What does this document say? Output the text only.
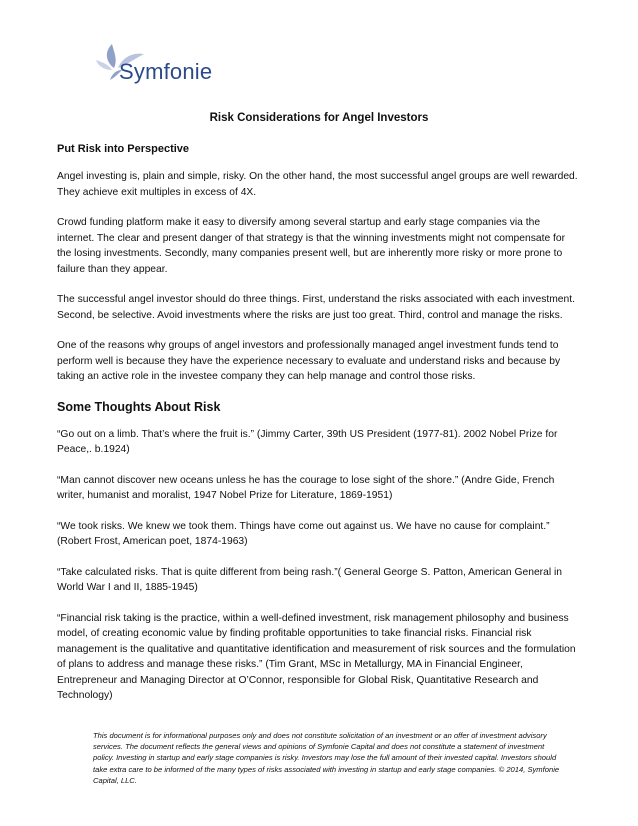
Symfonie
Risk Considerations for Angel Investors
Put Risk into Perspective

Angel investing is, plain and simple, risky. On the other hand, the most successful angel groups are well rewarded. They achieve exit multiples in excess of 4X.

Crowd funding platform make it easy to diversify among several startup and early stage companies via the internet. The clear and present danger of that strategy is that the winning investments might not compensate for the losing investments. Secondly, many companies present well, but are inherently more risky or more prone to failure than they appear.

The successful angel investor should do three things. First, understand the risks associated with each investment. Second, be selective. Avoid investments where the risks are just too great. Third, control and manage the risks.

One of the reasons why groups of angel investors and professionally managed angel investment funds tend to perform well is because they have the experience necessary to evaluate and understand risks and because by taking an active role in the investee company they can help manage and control those risks.

Some Thoughts About Risk

“Go out on a limb. That’s where the fruit is.” (Jimmy Carter, 39th US President (1977-81). 2002 Nobel Prize for Peace,. b.1924)

“Man cannot discover new oceans unless he has the courage to lose sight of the shore.” (Andre Gide, French writer, humanist and moralist, 1947 Nobel Prize for Literature, 1869-1951)

“We took risks. We knew we took them. Things have come out against us. We have no cause for complaint.” (Robert Frost, American poet, 1874-1963)

“Take calculated risks. That is quite different from being rash.”( General George S. Patton, American General in World War I and II, 1885-1945)

“Financial risk taking is the practice, within a well-defined investment, risk management philosophy and business model, of creating economic value by finding profitable opportunities to take financial risks. Financial risk management is the qualitative and quantitative identification and measurement of risk sources and the formulation of plans to address and manage these risks.” (Tim Grant, MSc in Metallurgy, MA in Financial Engineer, Entrepreneur and Managing Director at O’Connor, responsible for Global Risk, Quantitative Research and Technology)

This document is for informational purposes only and does not constitute solicitation of an investment or an offer of investment advisory services. The document reflects the general views and opinions of Symfonie Capital and does not constitute a statement of investment policy. Investing in startup and early stage companies is risky. Investors may lose the full amount of their invested capital. Investors should take extra care to be informed of the many types of risks associated with investing in startup and early stage companies. © 2014, Symfonie Capital, LLC.
